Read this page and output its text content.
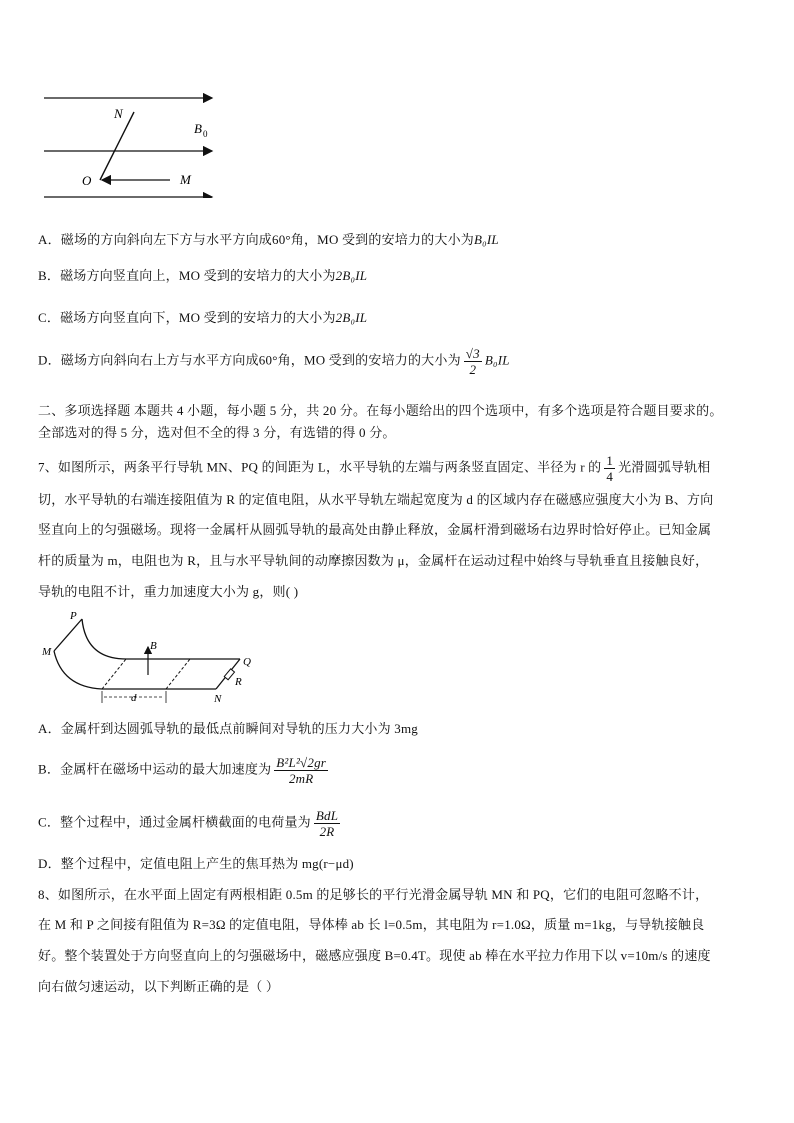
N
B 0
O	M
A．磁场的方向斜向左下方与水平方向成60°角，MO 受到的安培力的大小为B₀IL
B．磁场方向竖直向上，MO 受到的安培力的大小为2B₀IL
C．磁场方向竖直向下，MO 受到的安培力的大小为2B₀IL
D．磁场方向斜向右上方与水平方向成60°角，MO 受到的安培力的大小为 $\frac{√3}{2} B_0IL$
二、多项选择题 本题共 4 小题，每小题 5 分，共 20 分。在每小题给出的四个选项中，有多个选项是符合题目要求的。
全部选对的得 5 分，选对但不全的得 3 分，有选错的得 0 分。
7、如图所示，两条平行导轨 MN、PQ 的间距为 L，水平导轨的左端与两条竖直固定、半径为 r 的 $\frac{1}{4}$ 光滑圆弧导轨相
切，水平导轨的右端连接阻值为 R 的定值电阻，从水平导轨左端起宽度为 d 的区域内存在磁感应强度大小为 B、方向
竖直向上的匀强磁场。现将一金属杆从圆弧导轨的最高处由静止释放，金属杆滑到磁场右边界时恰好停止。已知金属
杆的质量为 m，电阻也为 R，且与水平导轨间的动摩擦因数为 μ，金属杆在运动过程中始终与导轨垂直且接触良好，
导轨的电阻不计，重力加速度大小为 g，则( )
P
M	B
Q
R
N
d
A．金属杆到达圆弧导轨的最低点前瞬间对导轨的压力大小为 3mg
B．金属杆在磁场中运动的最大加速度为 $\frac{\text{B²L²√2gr}}{2mR}$
C．整个过程中，通过金属杆横截面的电荷量为 $\frac{\text{BdL}}{2R}$
D．整个过程中，定值电阻上产生的焦耳热为 mg(r−μd)
8、如图所示，在水平面上固定有两根相距 0.5m 的足够长的平行光滑金属导轨 MN 和 PQ，它们的电阻可忽略不计，
在 M 和 P 之间接有阻值为 R=3Ω 的定值电阻，导体棒 ab 长 l=0.5m，其电阻为 r=1.0Ω，质量 m=1kg，与导轨接触良
好。整个装置处于方向竖直向上的匀强磁场中，磁感应强度 B=0.4T。现使 ab 棒在水平拉力作用下以 v=10m/s 的速度
向右做匀速运动，以下判断正确的是（ ）
